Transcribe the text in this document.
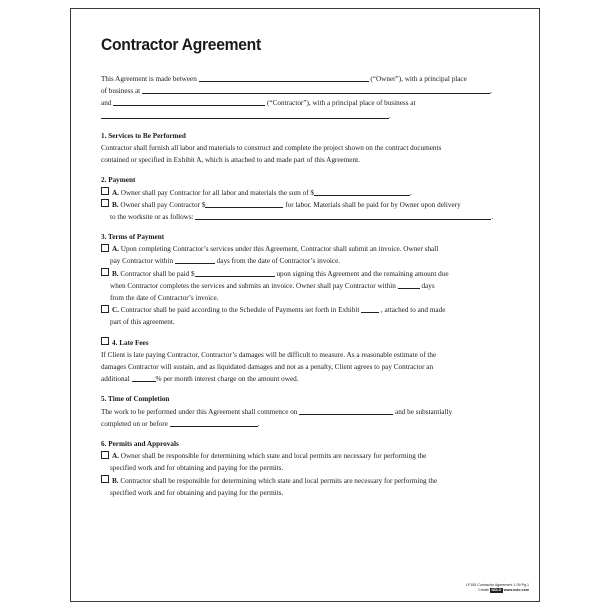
Contractor Agreement
This Agreement is made between	(“Owner”), with a principal place
of business at	,
and	(“Contractor”), with a principal place of business at
.
1. Services to Be Performed
Contractor shall furnish all labor and materials to construct and complete the project shown on the contract documents
contained or specified in Exhibit A, which is attached to and made part of this Agreement.
2. Payment
A. Owner shall pay Contractor for all labor and materials the sum of $	.
B. Owner shall pay Contractor $	for labor. Materials shall be paid for by Owner upon delivery
to the worksite or as follows:	.
3. Terms of Payment
A. Upon completing Contractor’s services under this Agreement, Contractor shall submit an invoice. Owner shall
pay Contractor within	days from the date of Contractor’s invoice.
B. Contractor shall be paid $	upon signing this Agreement and the remaining amount due
when Contractor completes the services and submits an invoice. Owner shall pay Contractor within	days
from the date of Contractor’s invoice.
C. Contractor shall be paid according to the Schedule of Payments set forth in Exhibit	, attached to and made
part of this agreement.
4. Late Fees
If Client is late paying Contractor, Contractor’s damages will be difficult to measure. As a reasonable estimate of the
damages Contractor will sustain, and as liquidated damages and not as a penalty, Client agrees to pay Contractor an
additional	% per month interest charge on the amount owed.
5. Time of Completion
The work to be performed under this Agreement shall commence on	and be substantially
completed on or before	.
6. Permits and Approvals
A. Owner shall be responsible for determining which state and local permits are necessary for performing the
specified work and for obtaining and paying for the permits.
B. Contractor shall be responsible for determining which state and local permits are necessary for performing the
specified work and for obtaining and paying for the permits.
LF155 Contractor Agreement 1-09 Pg.1
Create NOLO www.nolo.com
